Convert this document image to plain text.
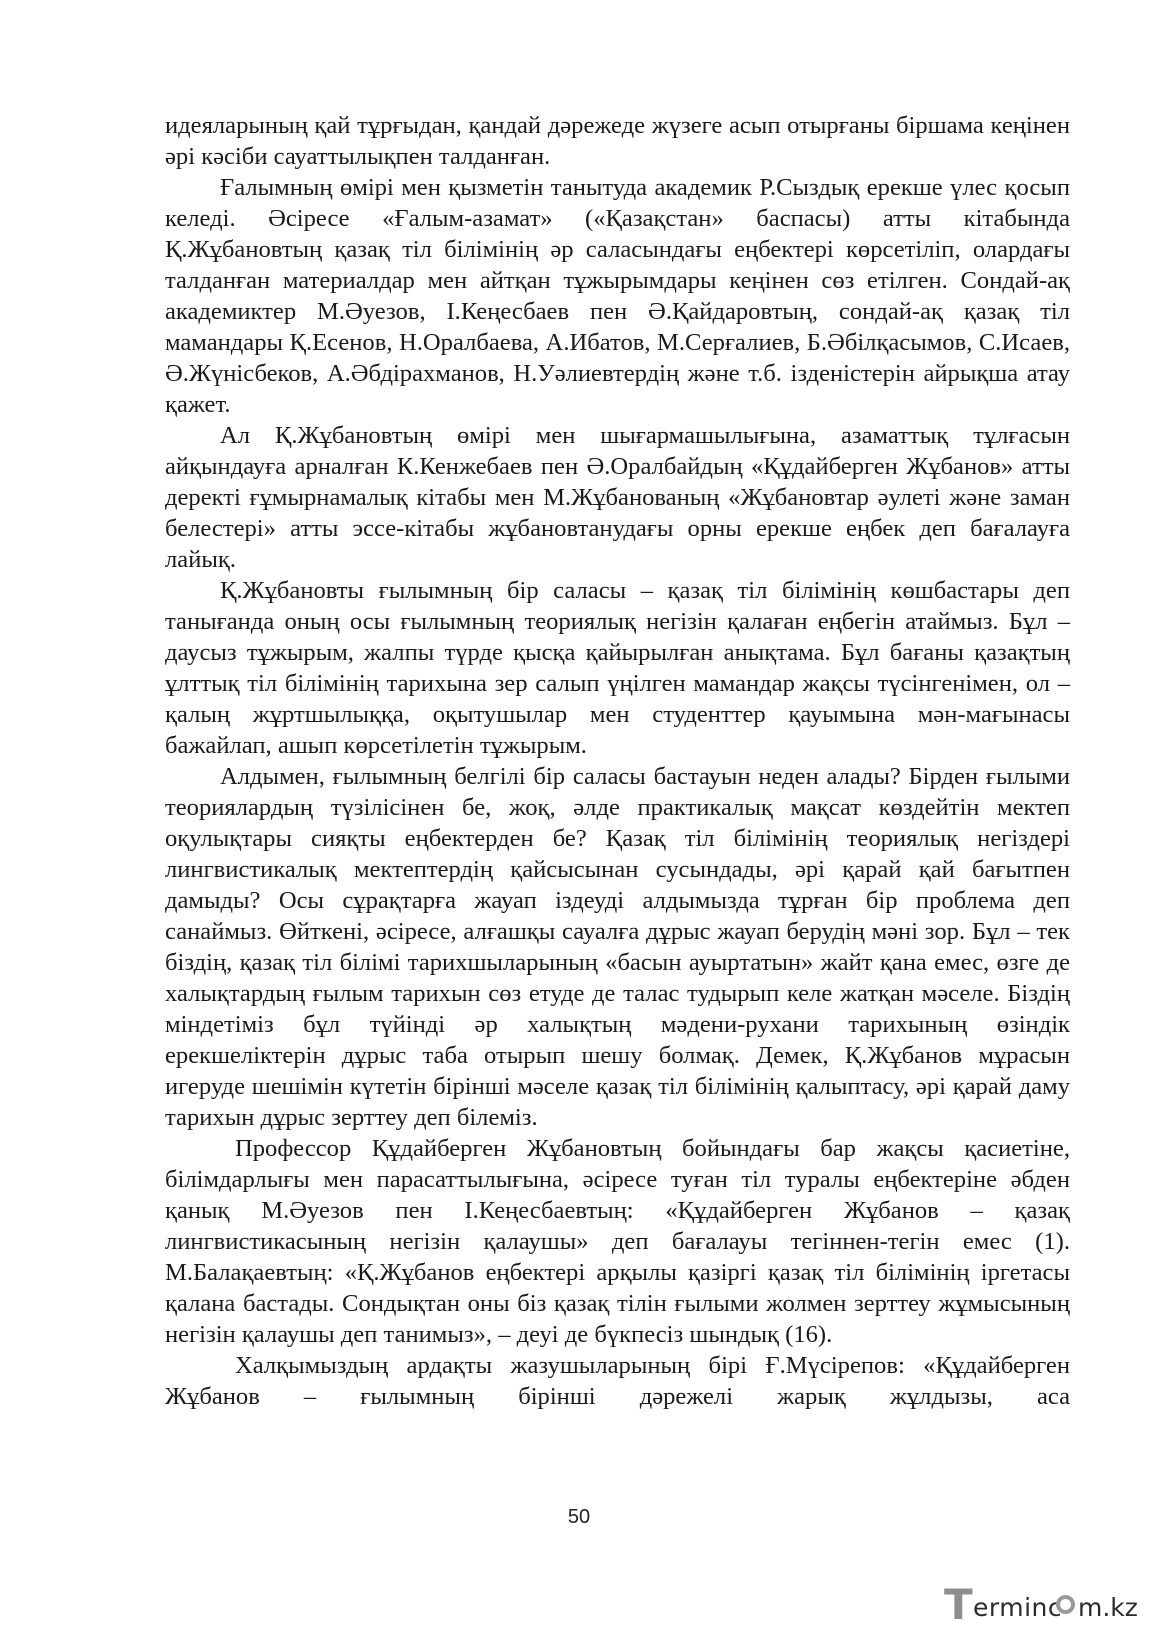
идеяларының қай тұрғыдан, қандай дәрежеде жүзеге асып отырғаны біршама кеңінен әрі кәсіби сауаттылықпен талданған.

Ғалымның өмірі мен қызметін танытуда академик Р.Сыздық ерекше үлес қосып келеді. Әсіресе «Ғалым-азамат» («Қазақстан» баспасы) атты кітабында Қ.Жұбановтың қазақ тіл білімінің әр саласындағы еңбектері көрсетіліп, олардағы талданған материалдар мен айтқан тұжырымдары кеңінен сөз етілген. Сондай-ақ академиктер М.Әуезов, І.Кеңесбаев пен Ә.Қайдаровтың, сондай-ақ қазақ тіл мамандары Қ.Есенов, Н.Оралбаева, А.Ибатов, М.Серғалиев, Б.Әбілқасымов, С.Исаев, Ә.Жүнісбеков, А.Әбдірахманов, Н.Уәлиевтердің және т.б. ізденістерін айрықша атау қажет.

Ал Қ.Жұбановтың өмірі мен шығармашылығына, азаматтық тұлғасын айқындауға арналған К.Кенжебаев пен Ә.Оралбайдың «Құдайберген Жұбанов» атты деректі ғұмырнамалық кітабы мен М.Жұбанованың «Жұбановтар әулеті және заман белестері» атты эссе-кітабы жұбановтанудағы орны ерекше еңбек деп бағалауға лайық.

Қ.Жұбановты ғылымның бір саласы – қазақ тіл білімінің көшбастары деп танығанда оның осы ғылымның теориялық негізін қалаған еңбегін атаймыз. Бұл – даусыз тұжырым, жалпы түрде қысқа қайырылған анықтама. Бұл бағаны қазақтың ұлттық тіл білімінің тарихына зер салып үңілген мамандар жақсы түсінгенімен, ол – қалың жұртшылыққа, оқытушылар мен студенттер қауымына мән-мағынасы бажайлап, ашып көрсетілетін тұжырым.

Алдымен, ғылымның белгілі бір саласы бастауын неден алады? Бірден ғылыми теориялардың түзілісінен бе, жоқ, әлде практикалық мақсат көздейтін мектеп оқулықтары сияқты еңбектерден бе? Қазақ тіл білімінің теориялық негіздері лингвистикалық мектептердің қайсысынан сусындады, әрі қарай қай бағытпен дамыды? Осы сұрақтарға жауап іздеуді алдымызда тұрған бір проблема деп санаймыз. Өйткені, әсіресе, алғашқы сауалға дұрыс жауап берудің мәні зор. Бұл – тек біздің, қазақ тіл білімі тарихшыларының «басын ауыртатын» жайт қана емес, өзге де халықтардың ғылым тарихын сөз етуде де талас тудырып келе жатқан мәселе. Біздің міндетіміз бұл түйінді әр халықтың мәдени-рухани тарихының өзіндік ерекшеліктерін дұрыс таба отырып шешу болмақ. Демек, Қ.Жұбанов мұрасын игеруде шешімін күтетін бірінші мәселе қазақ тіл білімінің қалыптасу, әрі қарай даму тарихын дұрыс зерттеу деп білеміз.

Профессор Құдайберген Жұбановтың бойындағы бар жақсы қасиетіне, білімдарлығы мен парасаттылығына, әсіресе туған тіл туралы еңбектеріне әбден қанық М.Әуезов пен І.Кеңесбаевтың: «Құдайберген Жұбанов – қазақ лингвистикасының негізін қалаушы» деп бағалауы тегіннен-тегін емес (1). М.Балақаевтың: «Қ.Жұбанов еңбектері арқылы қазіргі қазақ тіл білімінің іргетасы қалана бастады. Сондықтан оны біз қазақ тілін ғылыми жолмен зерттеу жұмысының негізін қалаушы деп танимыз», – деуі де бүкпесіз шындық (16).

Халқымыздың ардақты жазушыларының бірі Ғ.Мүсірепов: «Құдайберген Жұбанов – ғылымның бірінші дәрежелі жарық жұлдызы, аса

50
T erminc m.kz
